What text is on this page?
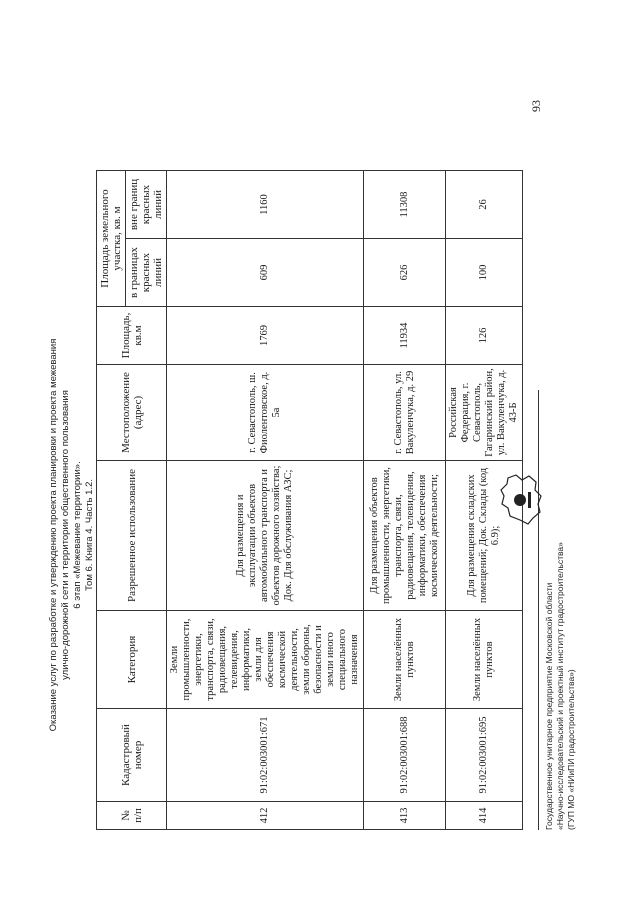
Оказание услуг по разработке и утверждению проекта планировки и проекта межевания улично-дорожной сети и территории общественного пользования 6 этап «Межевание территории». Том 6. Книга 4. Часть 1.2.
93
№ п/п	Кадастровый номер	Категория	Разрешенное использование	Местоположение (адрес)	Площадь, кв.м	Площадь земельного участка, кв. м	
						в границах красных линий	вне границ красных линий
412	91:02:003001:671	Земли промышленности, энергетики, транспорта, связи, радиовещания, телевидения, информатики, земли для обеспечения космической деятельности, земли обороны, безопасности и земли иного специального назначения	Для размещения и эксплуатации объектов автомобильного транспорта и объектов дорожного хозяйства; Док. Для обслуживания АЗС;	г. Севастополь, ш. Фиолентовское, д. 5а	1769	609	1160
413	91:02:003001:688	Земли населённых пунктов	Для размещения объектов промышленности, энергетики, транспорта, связи, радиовещания, телевидения, информатики, обеспечения космической деятельности;	г. Севастополь, ул. Вакуленчука, д. 29	11934	626	11308
414	91:02:003001:695	Земли населённых пунктов	Для размещения складских помещений; Док. Склады (код 6.9);	Российская Федерация, г. Севастополь, Гагаринский район, ул. Вакуленчука, д. 43-Б	126	100	26
Государственное унитарное предприятие Московской области «Научно-исследовательский и проектный институт градостроительства» (ГУП МО «НИиПИ градостроительства»)
